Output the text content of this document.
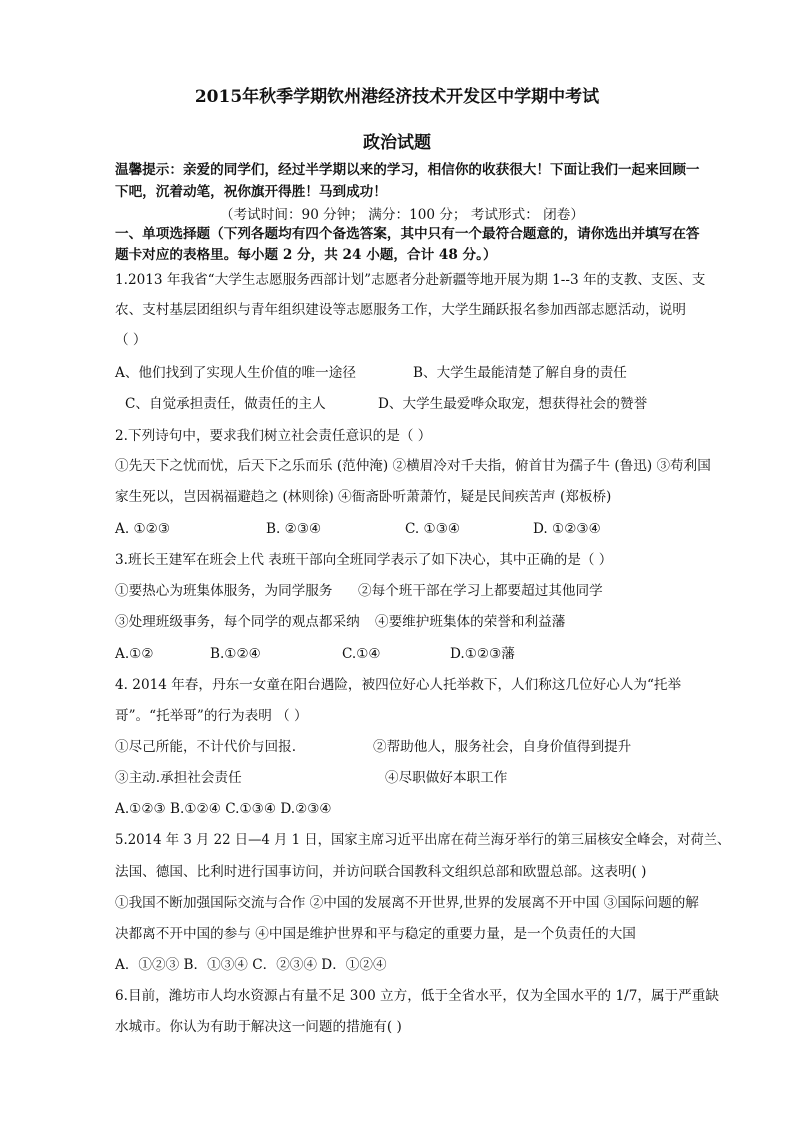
2015年秋季学期钦州港经济技术开发区中学期中考试
政治试题
温馨提示：亲爱的同学们，经过半学期以来的学习，相信你的收获很大！下面让我们一起来回顾一
下吧，沉着动笔，祝你旗开得胜！马到成功！
（考试时间：90 分钟； 满分：100 分； 考试形式： 闭卷）
一、单项选择题（下列各题均有四个备选答案，其中只有一个最符合题意的，请你选出并填写在答
题卡对应的表格里。每小题 2 分，共 24 小题，合计 48 分。）
1.2013 年我省“大学生志愿服务西部计划”志愿者分赴新疆等地开展为期 1--3 年的支教、支医、支
农、支村基层团组织与青年组织建设等志愿服务工作，大学生踊跃报名参加西部志愿活动，说明
（ ）
A、他们找到了实现人生价值的唯一途径	B、大学生最能清楚了解自身的责任
C、自觉承担责任，做责任的主人	D、大学生最爱哗众取宠，想获得社会的赞誉
2.下列诗句中，要求我们树立社会责任意识的是（ ）
①先天下之忧而忧，后天下之乐而乐 (范仲淹) ②横眉冷对千夫指，俯首甘为孺子牛 (鲁迅) ③苟利国
家生死以，岂因祸福避趋之 (林则徐) ④衙斋卧听萧萧竹，疑是民间疾苦声 (郑板桥)
A. ①②③	B. ②③④	C. ①③④	D. ①②③④
3.班长王建军在班会上代 表班干部向全班同学表示了如下决心，其中正确的是（ ）
①要热心为班集体服务，为同学服务 ②每个班干部在学习上都要超过其他同学
③处理班级事务，每个同学的观点都采纳 ④要维护班集体的荣誉和利益藩
A.①②	B.①②④	C.①④	D.①②③藩
4. 2014 年春，丹东一女童在阳台遇险，被四位好心人托举救下，人们称这几位好心人为“托举
哥”。“托举哥”的行为表明 （ ）
①尽己所能，不计代价与回报.	②帮助他人，服务社会，自身价值得到提升
③主动.承担社会责任	④尽职做好本职工作
A.①②③ B.①②④ C.①③④ D.②③④
5.2014 年 3 月 22 日—4 月 1 日，国家主席习近平出席在荷兰海牙举行的第三届核安全峰会，对荷兰、
法国、德国、比利时进行国事访问，并访问联合国教科文组织总部和欧盟总部。这表明( )
①我国不断加强国际交流与合作 ②中国的发展离不开世界,世界的发展离不开中国 ③国际问题的解
决都离不开中国的参与 ④中国是维护世界和平与稳定的重要力量，是一个负责任的大国
A．①②③ B．①③④ C．②③④ D．①②④
6.目前，潍坊市人均水资源占有量不足 300 立方，低于全省水平，仅为全国水平的 1/7，属于严重缺
水城市。你认为有助于解决这一问题的措施有( )
